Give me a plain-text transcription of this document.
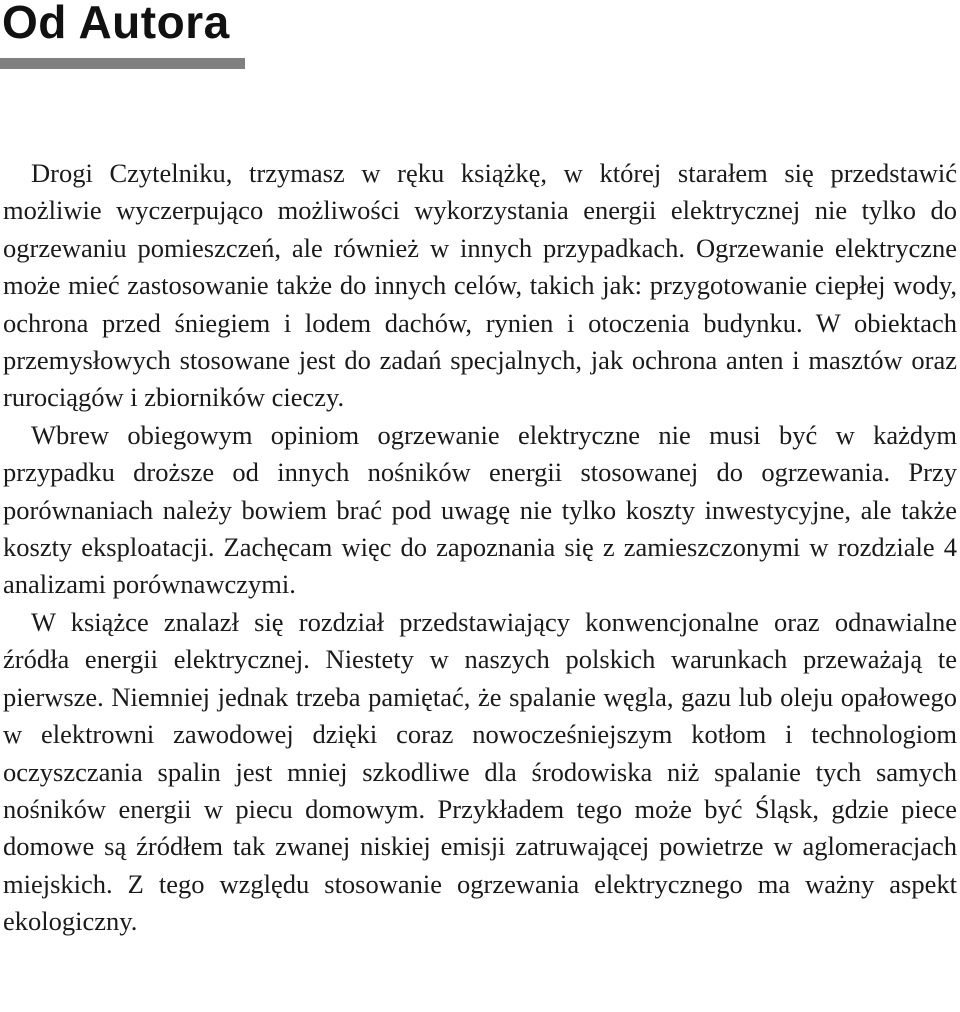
Od Autora

Drogi Czytelniku, trzymasz w ręku książkę, w której starałem się przedstawić możliwie wyczerpująco możliwości wykorzystania energii elektrycznej nie tylko do ogrzewaniu pomieszczeń, ale również w innych przypadkach. Ogrzewanie elektryczne może mieć zastosowanie także do innych celów, takich jak: przygotowanie ciepłej wody, ochrona przed śniegiem i lodem dachów, rynien i otoczenia budynku. W obiektach przemysłowych stosowane jest do zadań specjalnych, jak ochrona anten i masztów oraz rurociągów i zbiorników cieczy.

Wbrew obiegowym opiniom ogrzewanie elektryczne nie musi być w każdym przypadku droższe od innych nośników energii stosowanej do ogrzewania. Przy porównaniach należy bowiem brać pod uwagę nie tylko koszty inwestycyjne, ale także koszty eksploatacji. Zachęcam więc do zapoznania się z zamieszczonymi w rozdziale 4 analizami porównawczymi.

W książce znalazł się rozdział przedstawiający konwencjonalne oraz odnawialne źródła energii elektrycznej. Niestety w naszych polskich warunkach przeważają te pierwsze. Niemniej jednak trzeba pamiętać, że spalanie węgla, gazu lub oleju opałowego w elektrowni zawodowej dzięki coraz nowocześniejszym kotłom i technologiom oczyszczania spalin jest mniej szkodliwe dla środowiska niż spalanie tych samych nośników energii w piecu domowym. Przykładem tego może być Śląsk, gdzie piece domowe są źródłem tak zwanej niskiej emisji zatruwającej powietrze w aglomeracjach miejskich. Z tego względu stosowanie ogrzewania elektrycznego ma ważny aspekt ekologiczny.
